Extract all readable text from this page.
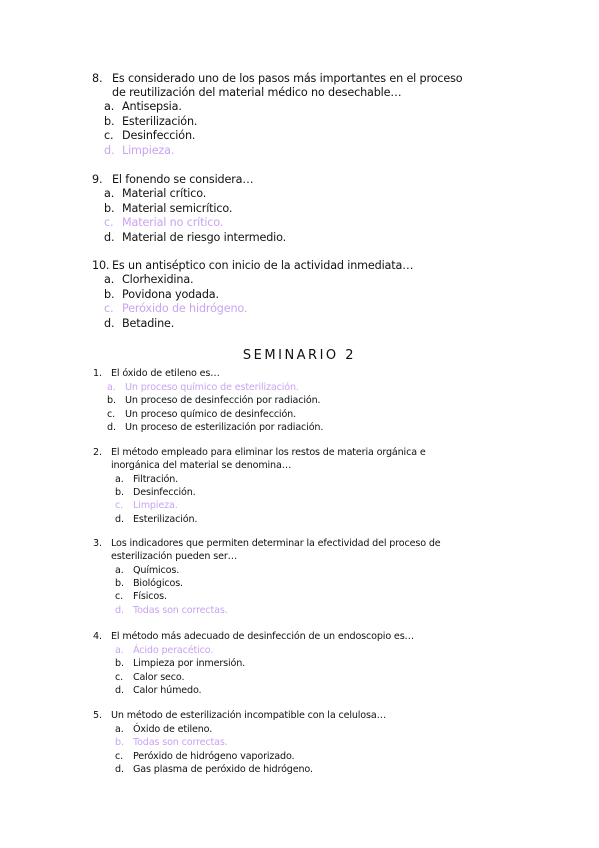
8. Es considerado uno de los pasos más importantes en el proceso
de reutilización del material médico no desechable…
a. Antisepsia.
b. Esterilización.
c. Desinfección.
d. Limpieza.
9. El fonendo se considera…
a. Material crítico.
b. Material semicrítico.
c. Material no crítico.
d. Material de riesgo intermedio.
10. Es un antiséptico con inicio de la actividad inmediata…
a. Clorhexidina.
b. Povidona yodada.
c. Peróxido de hidrógeno.
d. Betadine.
SEMINARIO 2
1. El óxido de etileno es…
a. Un proceso químico de esterilización.
b. Un proceso de desinfección por radiación.
c. Un proceso químico de desinfección.
d. Un proceso de esterilización por radiación.
2. El método empleado para eliminar los restos de materia orgánica e
inorgánica del material se denomina…
a. Filtración.
b. Desinfección.
c. Limpieza.
d. Esterilización.
3. Los indicadores que permiten determinar la efectividad del proceso de
esterilización pueden ser…
a. Químicos.
b. Biológicos.
c. Físicos.
d. Todas son correctas.
4. El método más adecuado de desinfección de un endoscopio es…
a. Ácido peracético.
b. Limpieza por inmersión.
c. Calor seco.
d. Calor húmedo.
5. Un método de esterilización incompatible con la celulosa…
a. Óxido de etileno.
b. Todas son correctas.
c. Peróxido de hidrógeno vaporizado.
d. Gas plasma de peróxido de hidrógeno.
